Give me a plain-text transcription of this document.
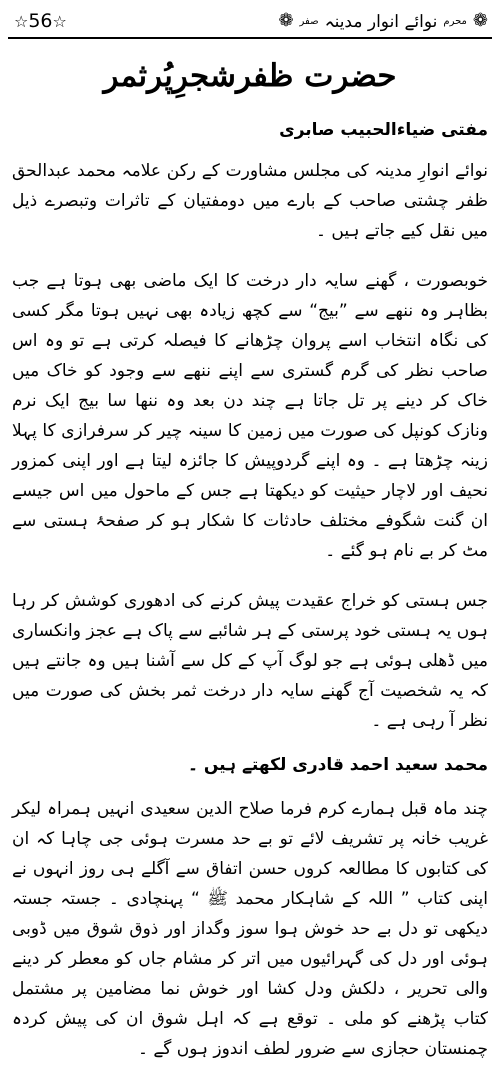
☆56☆	❁
محرم
نوائے انوار مدینہ
صفر
❁
حضرت ظفرشجرِپُرثمر
مفتی ضیاءالحبیب صابری

نوائے انوارِ مدینہ کی مجلس مشاورت کے رکن علامہ محمد عبدالحق ظفر چشتی صاحب کے بارے میں دومفتیان کے تاثرات وتبصرے ذیل میں نقل کیے جاتے ہیں ۔

خوبصورت ، گھنے سایہ دار درخت کا ایک ماضی بھی ہوتا ہے جب بظاہر وہ ننھے سے ”بیج“ سے کچھ زیادہ بھی نہیں ہوتا مگر کسی کی نگاہ انتخاب اسے پروان چڑھانے کا فیصلہ کرتی ہے تو وہ اس صاحب نظر کی گرم گستری سے اپنے ننھے سے وجود کو خاک میں خاک کر دینے پر تل جاتا ہے چند دن بعد وہ ننھا سا بیج ایک نرم ونازک کونپل کی صورت میں زمین کا سینہ چیر کر سرفرازی کا پہلا زینہ چڑھتا ہے ۔ وہ اپنے گردوپیش کا جائزہ لیتا ہے اور اپنی کمزور نحیف اور لاچار حیثیت کو دیکھتا ہے جس کے ماحول میں اس جیسے ان گنت شگوفے مختلف حادثات کا شکار ہو کر صفحۂ ہستی سے مٹ کر بے نام ہو گئے ۔

جس ہستی کو خراج عقیدت پیش کرنے کی ادھوری کوشش کر رہا ہوں یہ ہستی خود پرستی کے ہر شائبے سے پاک ہے عجز وانکساری میں ڈھلی ہوئی ہے جو لوگ آپ کے کل سے آشنا ہیں وہ جانتے ہیں کہ یہ شخصیت آج گھنے سایہ دار درخت ثمر بخش کی صورت میں نظر آ رہی ہے ۔

محمد سعید احمد قادری لکھتے ہیں ۔

چند ماہ قبل ہمارے کرم فرما صلاح الدین سعیدی انہیں ہمراہ لیکر غریب خانہ پر تشریف لائے تو بے حد مسرت ہوئی جی چاہا کہ ان کی کتابوں کا مطالعہ کروں حسن اتفاق سے آگلے ہی روز انہوں نے اپنی کتاب ” اللہ کے شاہکار محمد ﷺ “ پہنچادی ۔ جستہ جستہ دیکھی تو دل بے حد خوش ہوا سوز وگداز اور ذوق شوق میں ڈوبی ہوئی اور دل کی گہرائیوں میں اتر کر مشام جاں کو معطر کر دینے والی تحریر ، دلکش ودل کشا اور خوش نما مضامین پر مشتمل کتاب پڑھنے کو ملی ۔ توقع ہے کہ اہل شوق ان کی پیش کردہ چمنستان حجازی سے ضرور لطف اندوز ہوں گے ۔
